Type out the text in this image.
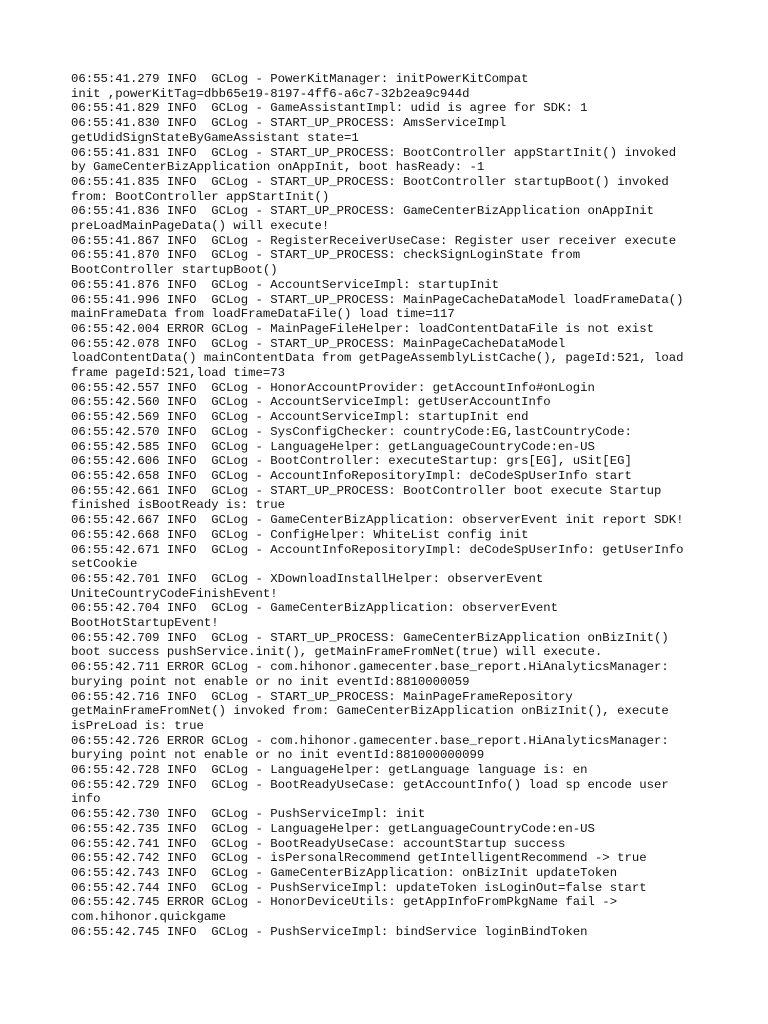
06:55:41.279 INFO  GCLog - PowerKitManager: initPowerKitCompat
init ,powerKitTag=dbb65e19-8197-4ff6-a6c7-32b2ea9c944d
06:55:41.829 INFO  GCLog - GameAssistantImpl: udid is agree for SDK: 1
06:55:41.830 INFO  GCLog - START_UP_PROCESS: AmsServiceImpl
getUdidSignStateByGameAssistant state=1
06:55:41.831 INFO  GCLog - START_UP_PROCESS: BootController appStartInit() invoked
by GameCenterBizApplication onAppInit, boot hasReady: -1
06:55:41.835 INFO  GCLog - START_UP_PROCESS: BootController startupBoot() invoked
from: BootController appStartInit()
06:55:41.836 INFO  GCLog - START_UP_PROCESS: GameCenterBizApplication onAppInit
preLoadMainPageData() will execute!
06:55:41.867 INFO  GCLog - RegisterReceiverUseCase: Register user receiver execute
06:55:41.870 INFO  GCLog - START_UP_PROCESS: checkSignLoginState from
BootController startupBoot()
06:55:41.876 INFO  GCLog - AccountServiceImpl: startupInit
06:55:41.996 INFO  GCLog - START_UP_PROCESS: MainPageCacheDataModel loadFrameData()
mainFrameData from loadFrameDataFile() load time=117
06:55:42.004 ERROR GCLog - MainPageFileHelper: loadContentDataFile is not exist
06:55:42.078 INFO  GCLog - START_UP_PROCESS: MainPageCacheDataModel
loadContentData() mainContentData from getPageAssemblyListCache(), pageId:521, load
frame pageId:521,load time=73
06:55:42.557 INFO  GCLog - HonorAccountProvider: getAccountInfo#onLogin
06:55:42.560 INFO  GCLog - AccountServiceImpl: getUserAccountInfo
06:55:42.569 INFO  GCLog - AccountServiceImpl: startupInit end
06:55:42.570 INFO  GCLog - SysConfigChecker: countryCode:EG,lastCountryCode:
06:55:42.585 INFO  GCLog - LanguageHelper: getLanguageCountryCode:en-US
06:55:42.606 INFO  GCLog - BootController: executeStartup: grs[EG], uSit[EG]
06:55:42.658 INFO  GCLog - AccountInfoRepositoryImpl: deCodeSpUserInfo start
06:55:42.661 INFO  GCLog - START_UP_PROCESS: BootController boot execute Startup
finished isBootReady is: true
06:55:42.667 INFO  GCLog - GameCenterBizApplication: observerEvent init report SDK!
06:55:42.668 INFO  GCLog - ConfigHelper: WhiteList config init
06:55:42.671 INFO  GCLog - AccountInfoRepositoryImpl: deCodeSpUserInfo: getUserInfo
setCookie
06:55:42.701 INFO  GCLog - XDownloadInstallHelper: observerEvent
UniteCountryCodeFinishEvent!
06:55:42.704 INFO  GCLog - GameCenterBizApplication: observerEvent
BootHotStartupEvent!
06:55:42.709 INFO  GCLog - START_UP_PROCESS: GameCenterBizApplication onBizInit()
boot success pushService.init(), getMainFrameFromNet(true) will execute.
06:55:42.711 ERROR GCLog - com.hihonor.gamecenter.base_report.HiAnalyticsManager:
burying point not enable or no init eventId:8810000059
06:55:42.716 INFO  GCLog - START_UP_PROCESS: MainPageFrameRepository
getMainFrameFromNet() invoked from: GameCenterBizApplication onBizInit(), execute
isPreLoad is: true
06:55:42.726 ERROR GCLog - com.hihonor.gamecenter.base_report.HiAnalyticsManager:
burying point not enable or no init eventId:881000000099
06:55:42.728 INFO  GCLog - LanguageHelper: getLanguage language is: en
06:55:42.729 INFO  GCLog - BootReadyUseCase: getAccountInfo() load sp encode user
info
06:55:42.730 INFO  GCLog - PushServiceImpl: init
06:55:42.735 INFO  GCLog - LanguageHelper: getLanguageCountryCode:en-US
06:55:42.741 INFO  GCLog - BootReadyUseCase: accountStartup success
06:55:42.742 INFO  GCLog - isPersonalRecommend getIntelligentRecommend -> true
06:55:42.743 INFO  GCLog - GameCenterBizApplication: onBizInit updateToken
06:55:42.744 INFO  GCLog - PushServiceImpl: updateToken isLoginOut=false start
06:55:42.745 ERROR GCLog - HonorDeviceUtils: getAppInfoFromPkgName fail ->
com.hihonor.quickgame
06:55:42.745 INFO  GCLog - PushServiceImpl: bindService loginBindToken
